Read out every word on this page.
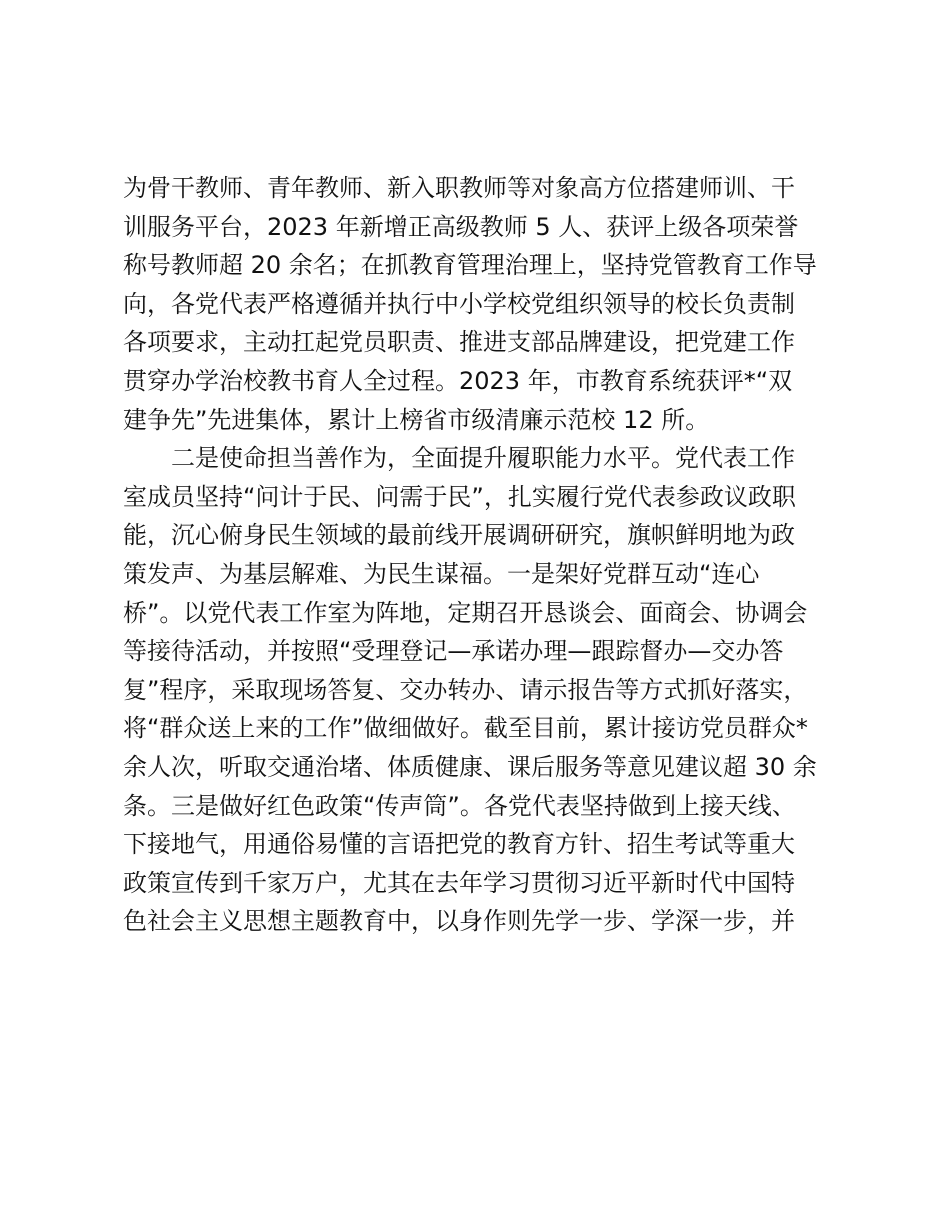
为骨干教师、青年教师、新入职教师等对象高方位搭建师训、干
训服务平台，2023 年新增正高级教师 5 人、获评上级各项荣誉
称号教师超 20 余名；在抓教育管理治理上，坚持党管教育工作导
向，各党代表严格遵循并执行中小学校党组织领导的校长负责制
各项要求，主动扛起党员职责、推进支部品牌建设，把党建工作
贯穿办学治校教书育人全过程。2023 年，市教育系统获评*“双
建争先”先进集体，累计上榜省市级清廉示范校 12 所。
二是使命担当善作为，全面提升履职能力水平。党代表工作
室成员坚持“问计于民、问需于民”，扎实履行党代表参政议政职
能，沉心俯身民生领域的最前线开展调研研究，旗帜鲜明地为政
策发声、为基层解难、为民生谋福。一是架好党群互动“连心
桥”。以党代表工作室为阵地，定期召开恳谈会、面商会、协调会
等接待活动，并按照“受理登记—承诺办理—跟踪督办—交办答
复”程序，采取现场答复、交办转办、请示报告等方式抓好落实，
将“群众送上来的工作”做细做好。截至目前，累计接访党员群众*
余人次，听取交通治堵、体质健康、课后服务等意见建议超 30 余
条。三是做好红色政策“传声筒”。各党代表坚持做到上接天线、
下接地气，用通俗易懂的言语把党的教育方针、招生考试等重大
政策宣传到千家万户，尤其在去年学习贯彻习近平新时代中国特
色社会主义思想主题教育中，以身作则先学一步、学深一步，并
